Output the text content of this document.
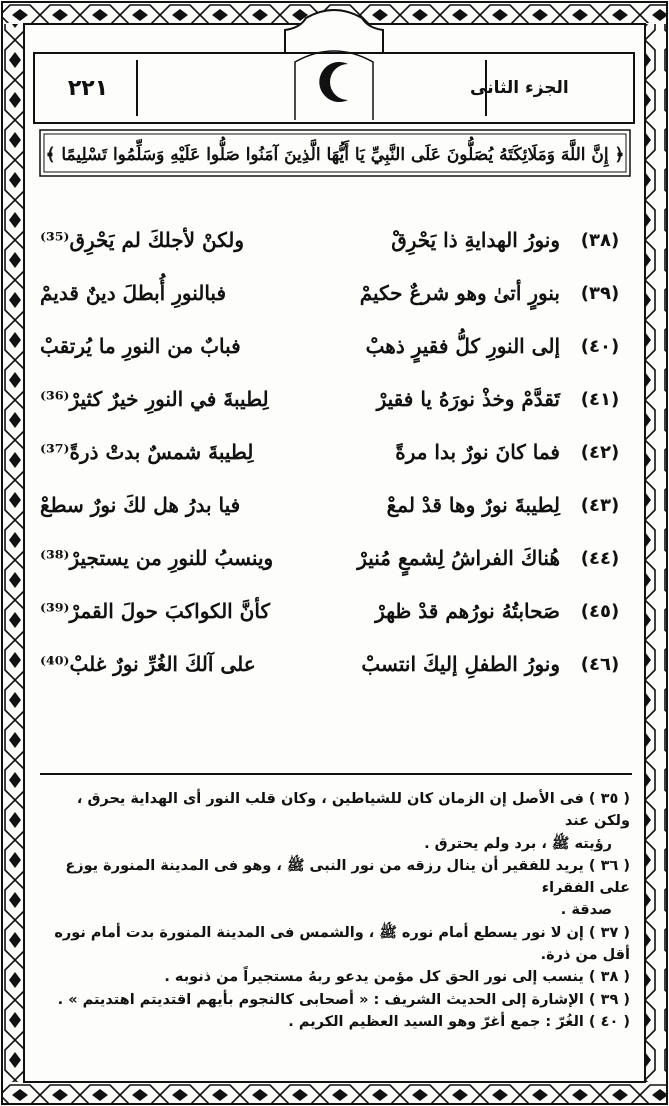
٢٢١	الجزء الثانى
﴿ إِنَّ اللَّهَ وَمَلَائِكَتَهُ يُصَلُّونَ عَلَى النَّبِيِّ يَا أَيُّهَا الَّذِينَ آمَنُوا صَلُّوا عَلَيْهِ وَسَلِّمُوا تَسْلِيمًا ﴾
(٣٨)
ونورُ الهدايةِ ذا يَحْرِقْ
ولكنْ لأجلكَ لم يَحْرِق⁽³⁵⁾
(٣٩)
بنورٍ أتىٰ وهو شرعٌ حكيمْ
فبالنورِ أُبطلَ دينٌ قديمْ
(٤٠)
إلى النورِ كلُّ فقيرٍ ذهبْ
فبابٌ من النورِ ما يُرتقبْ
(٤١)
تَقدَّمْ وخذْ نورَهُ يا فقيرْ
لِطيبةَ في النورِ خيرٌ كثيرْ⁽³⁶⁾
(٤٢)
فما كانَ نورٌ بدا مرةً
لِطيبةَ شمسٌ بدتْ ذرةً⁽³⁷⁾
(٤٣)
لِطيبةَ نورٌ وها قدْ لمعْ
فيا بدرُ هل لكَ نورٌ سطعْ
(٤٤)
هُناكَ الفراشُ لِشمعٍ مُنيرْ
وينسبُ للنورِ من يستجيرْ⁽³⁸⁾
(٤٥)
صَحابتُهُ نورُهم قدْ ظهرْ
كأنَّ الكواكبَ حولَ القمرْ⁽³⁹⁾
(٤٦)
ونورُ الطفلِ إليكَ انتسبْ
على آلكَ الغُرِّ نورٌ غلبْ⁽⁴⁰⁾

( ٣٥ ) فى الأصل إن الزمان كان للشياطين ، وكان قلب النور أى الهداية يحرق ، ولكن عند

رؤيته ﷺ ، برد ولم يحترق .

( ٣٦ ) يريد للفقير أن ينال رزقه من نور النبى ﷺ ، وهو فى المدينة المنورة يوزع على الفقراء

صدقة .

( ٣٧ ) إن لا نور يسطع أمام نوره ﷺ ، والشمس فى المدينة المنورة بدت أمام نوره أقل من ذرة.

( ٣٨ ) ينسب إلى نور الحق كل مؤمن يدعو ربهُ مستجيراً من ذنوبه .

( ٣٩ ) الإشارة إلى الحديث الشريف : « أصحابى كالنجوم بأيهم اقتديتم اهتديتم » .

( ٤٠ ) الغُرّ : جمع أغرّ وهو السيد العظيم الكريم .
